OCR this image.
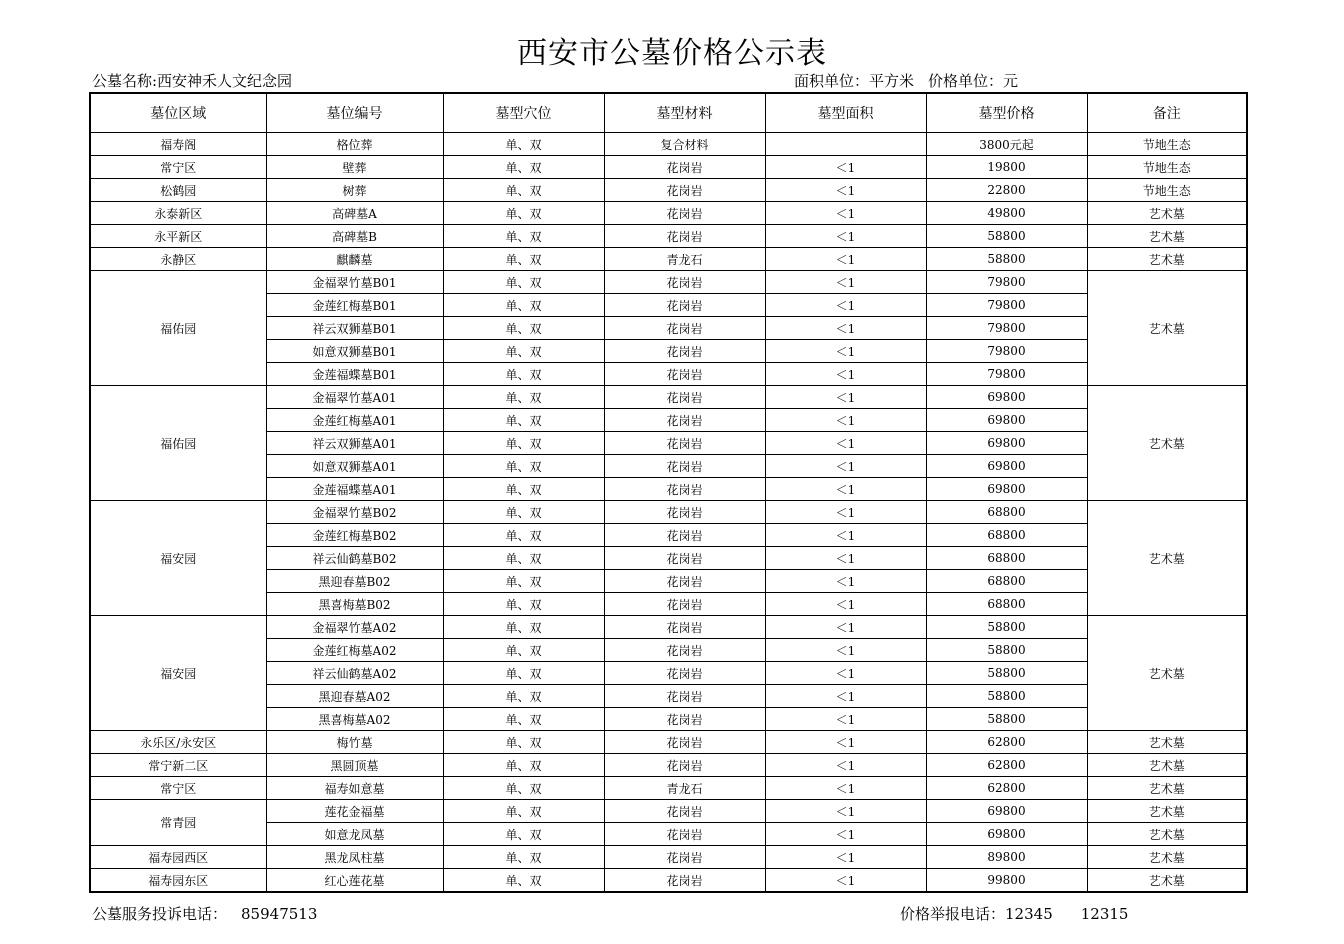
西安市公墓价格公示表
公墓名称:西安神禾人文纪念园	面积单位：平方米 价格单位：元
墓位区域	墓位编号	墓型穴位	墓型材料	墓型面积	墓型价格	备注
福寿阁	格位葬	单、双	复合材料		3800元起	节地生态
常宁区	壁葬	单、双	花岗岩	＜1	19800	节地生态
松鹤园	树葬	单、双	花岗岩	＜1	22800	节地生态
永泰新区	高碑墓A	单、双	花岗岩	＜1	49800	艺术墓
永平新区	高碑墓B	单、双	花岗岩	＜1	58800	艺术墓
永静区	麒麟墓	单、双	青龙石	＜1	58800	艺术墓
福佑园	金福翠竹墓B01	单、双	花岗岩	＜1	79800	艺术墓
	金莲红梅墓B01	单、双	花岗岩	＜1	79800	
	祥云双狮墓B01	单、双	花岗岩	＜1	79800	
	如意双狮墓B01	单、双	花岗岩	＜1	79800	
	金莲福蝶墓B01	单、双	花岗岩	＜1	79800	
福佑园	金福翠竹墓A01	单、双	花岗岩	＜1	69800	艺术墓
	金莲红梅墓A01	单、双	花岗岩	＜1	69800	
	祥云双狮墓A01	单、双	花岗岩	＜1	69800	
	如意双狮墓A01	单、双	花岗岩	＜1	69800	
	金莲福蝶墓A01	单、双	花岗岩	＜1	69800	
福安园	金福翠竹墓B02	单、双	花岗岩	＜1	68800	艺术墓
	金莲红梅墓B02	单、双	花岗岩	＜1	68800	
	祥云仙鹤墓B02	单、双	花岗岩	＜1	68800	
	黑迎春墓B02	单、双	花岗岩	＜1	68800	
	黑喜梅墓B02	单、双	花岗岩	＜1	68800	
福安园	金福翠竹墓A02	单、双	花岗岩	＜1	58800	艺术墓
	金莲红梅墓A02	单、双	花岗岩	＜1	58800	
	祥云仙鹤墓A02	单、双	花岗岩	＜1	58800	
	黑迎春墓A02	单、双	花岗岩	＜1	58800	
	黑喜梅墓A02	单、双	花岗岩	＜1	58800	
永乐区/永安区	梅竹墓	单、双	花岗岩	＜1	62800	艺术墓
常宁新二区	黑圆顶墓	单、双	花岗岩	＜1	62800	艺术墓
常宁区	福寿如意墓	单、双	青龙石	＜1	62800	艺术墓
常青园	莲花金福墓	单、双	花岗岩	＜1	69800	艺术墓
	如意龙凤墓	单、双	花岗岩	＜1	69800	艺术墓
福寿园西区	黑龙凤柱墓	单、双	花岗岩	＜1	89800	艺术墓
福寿园东区	红心莲花墓	单、双	花岗岩	＜1	99800	艺术墓
公墓服务投诉电话： 85947513	价格举报电话：12345 12315
